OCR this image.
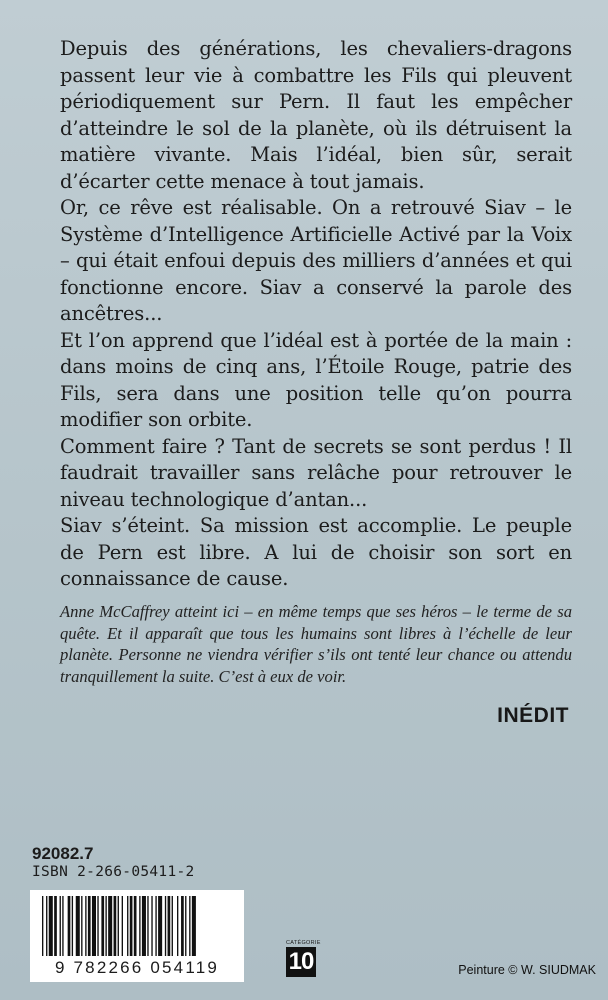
Depuis des générations, les chevaliers-dragons passent leur vie à combattre les Fils qui pleuvent périodiquement sur Pern. Il faut les empêcher d’atteindre le sol de la planète, où ils détruisent la matière vivante. Mais l’idéal, bien sûr, serait d’écarter cette menace à tout jamais.

Or, ce rêve est réalisable. On a retrouvé Siav – le Système d’Intelligence Artificielle Activé par la Voix – qui était enfoui depuis des milliers d’années et qui fonctionne encore. Siav a conservé la parole des ancêtres...

Et l’on apprend que l’idéal est à portée de la main : dans moins de cinq ans, l’Étoile Rouge, patrie des Fils, sera dans une position telle qu’on pourra modifier son orbite.

Comment faire ? Tant de secrets se sont perdus ! Il faudrait travailler sans relâche pour retrouver le niveau technologique d’antan...

Siav s’éteint. Sa mission est accomplie. Le peuple de Pern est libre. A lui de choisir son sort en connaissance de cause.

Anne McCaffrey atteint ici – en même temps que ses héros – le terme de sa quête. Et il apparaît que tous les humains sont libres à l’échelle de leur planète. Personne ne viendra vérifier s’ils ont tenté leur chance ou attendu tranquillement la suite. C’est à eux de voir.
INÉDIT
92082.7
ISBN 2-266-05411-2
9 782266 054119
CATÉGORIE
10	Peinture © W. SIUDMAK
